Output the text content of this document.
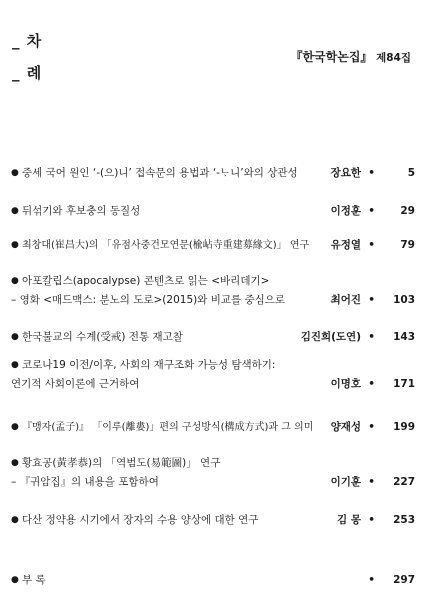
_ 차
_ 례
『한국학논집』 제84집
● 중세 국어 원인 ‘-(으)니’ 접속문의 용법과 ‘-ᄂᆞ니’와의 상관성	장요한 •	5
● 뒤섞기와 후보충의 동질성	이정훈 • 29
● 최창대(崔昌大)의 「유점사중건모연문(楡岾寺重建募緣文)」 연구 유정열 • 79
● 아포칼립스(apocalypse) 콘텐츠로 읽는 <바리데기>
– 영화 <매드맥스: 분노의 도로>(2015)와 비교를 중심으로	최어진 • 103
● 한국불교의 수계(受戒) 전통 재고찰	김진희(도연) • 143
● 코로나19 이전/이후, 사회의 재구조화 가능성 탐색하기:
연기적 사회이론에 근거하여	이명호 • 171
● 『맹자(孟子)』 「이루(離婁)」편의 구성방식(構成方式)과 그 의미 양재성 • 199
● 황효공(黃孝恭)의 「역범도(易範圖)」 연구
– 『귀암집』의 내용을 포함하여	이기훈 • 227
● 다산 정약용 시기에서 장자의 수용 양상에 대한 연구	김 몽 • 253
● 부 록	• 297
